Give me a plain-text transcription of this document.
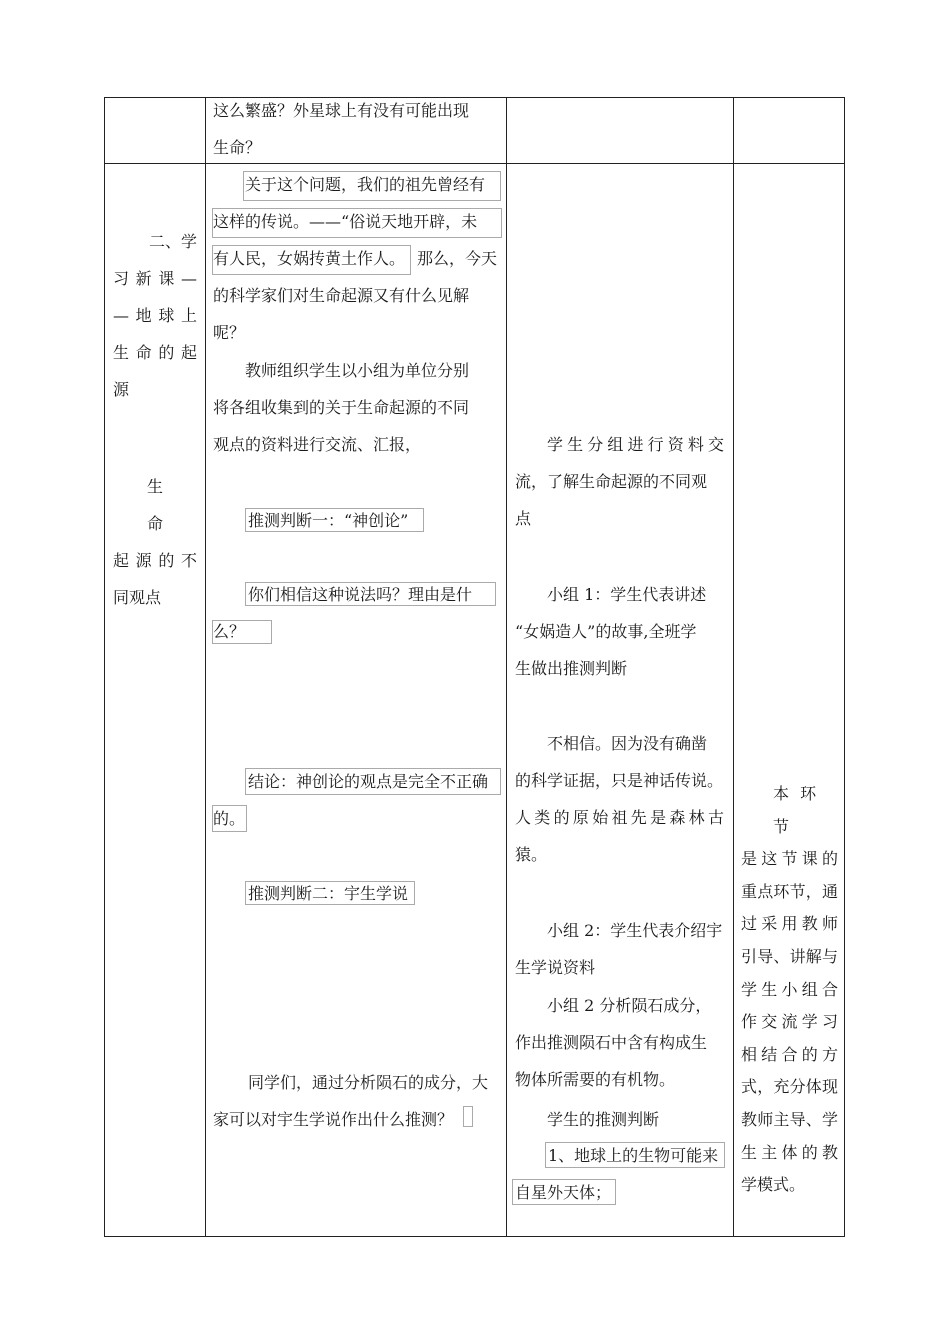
这么繁盛？外星球上有没有可能出现
生命？
二、学
习新课—
—地球上
生命的起
源
生 命
起源的不
同观点
关于这个问题，我们的祖先曾经有
这样的传说。——“俗说天地开辟，未
有人民，女娲抟黄土作人。 那么，今天
的科学家们对生命起源又有什么见解
呢？
教师组织学生以小组为单位分别
将各组收集到的关于生命起源的不同
观点的资料进行交流、汇报，
推测判断一：“神创论”
你们相信这种说法吗？理由是什
么？
结论：神创论的观点是完全不正确
的。
推测判断二：宇生学说
同学们，通过分析陨石的成分，大
家可以对宇生学说作出什么推测？
学生分组进行资料交
流，了解生命起源的不同观
点
小组 1：学生代表讲述
“女娲造人”的故事,全班学
生做出推测判断
不相信。因为没有确凿
的科学证据，只是神话传说。
人类的原始祖先是森林古
猿。
小组 2：学生代表介绍宇
生学说资料
小组 2 分析陨石成分，
作出推测陨石中含有构成生
物体所需要的有机物。
学生的推测判断
1、地球上的生物可能来
自星外天体；
本 环 节
是这节课的
重点环节，通
过采用教师
引导、讲解与
学生小组合
作交流学习
相结合的方
式，充分体现
教师主导、学
生主体的教
学模式。
